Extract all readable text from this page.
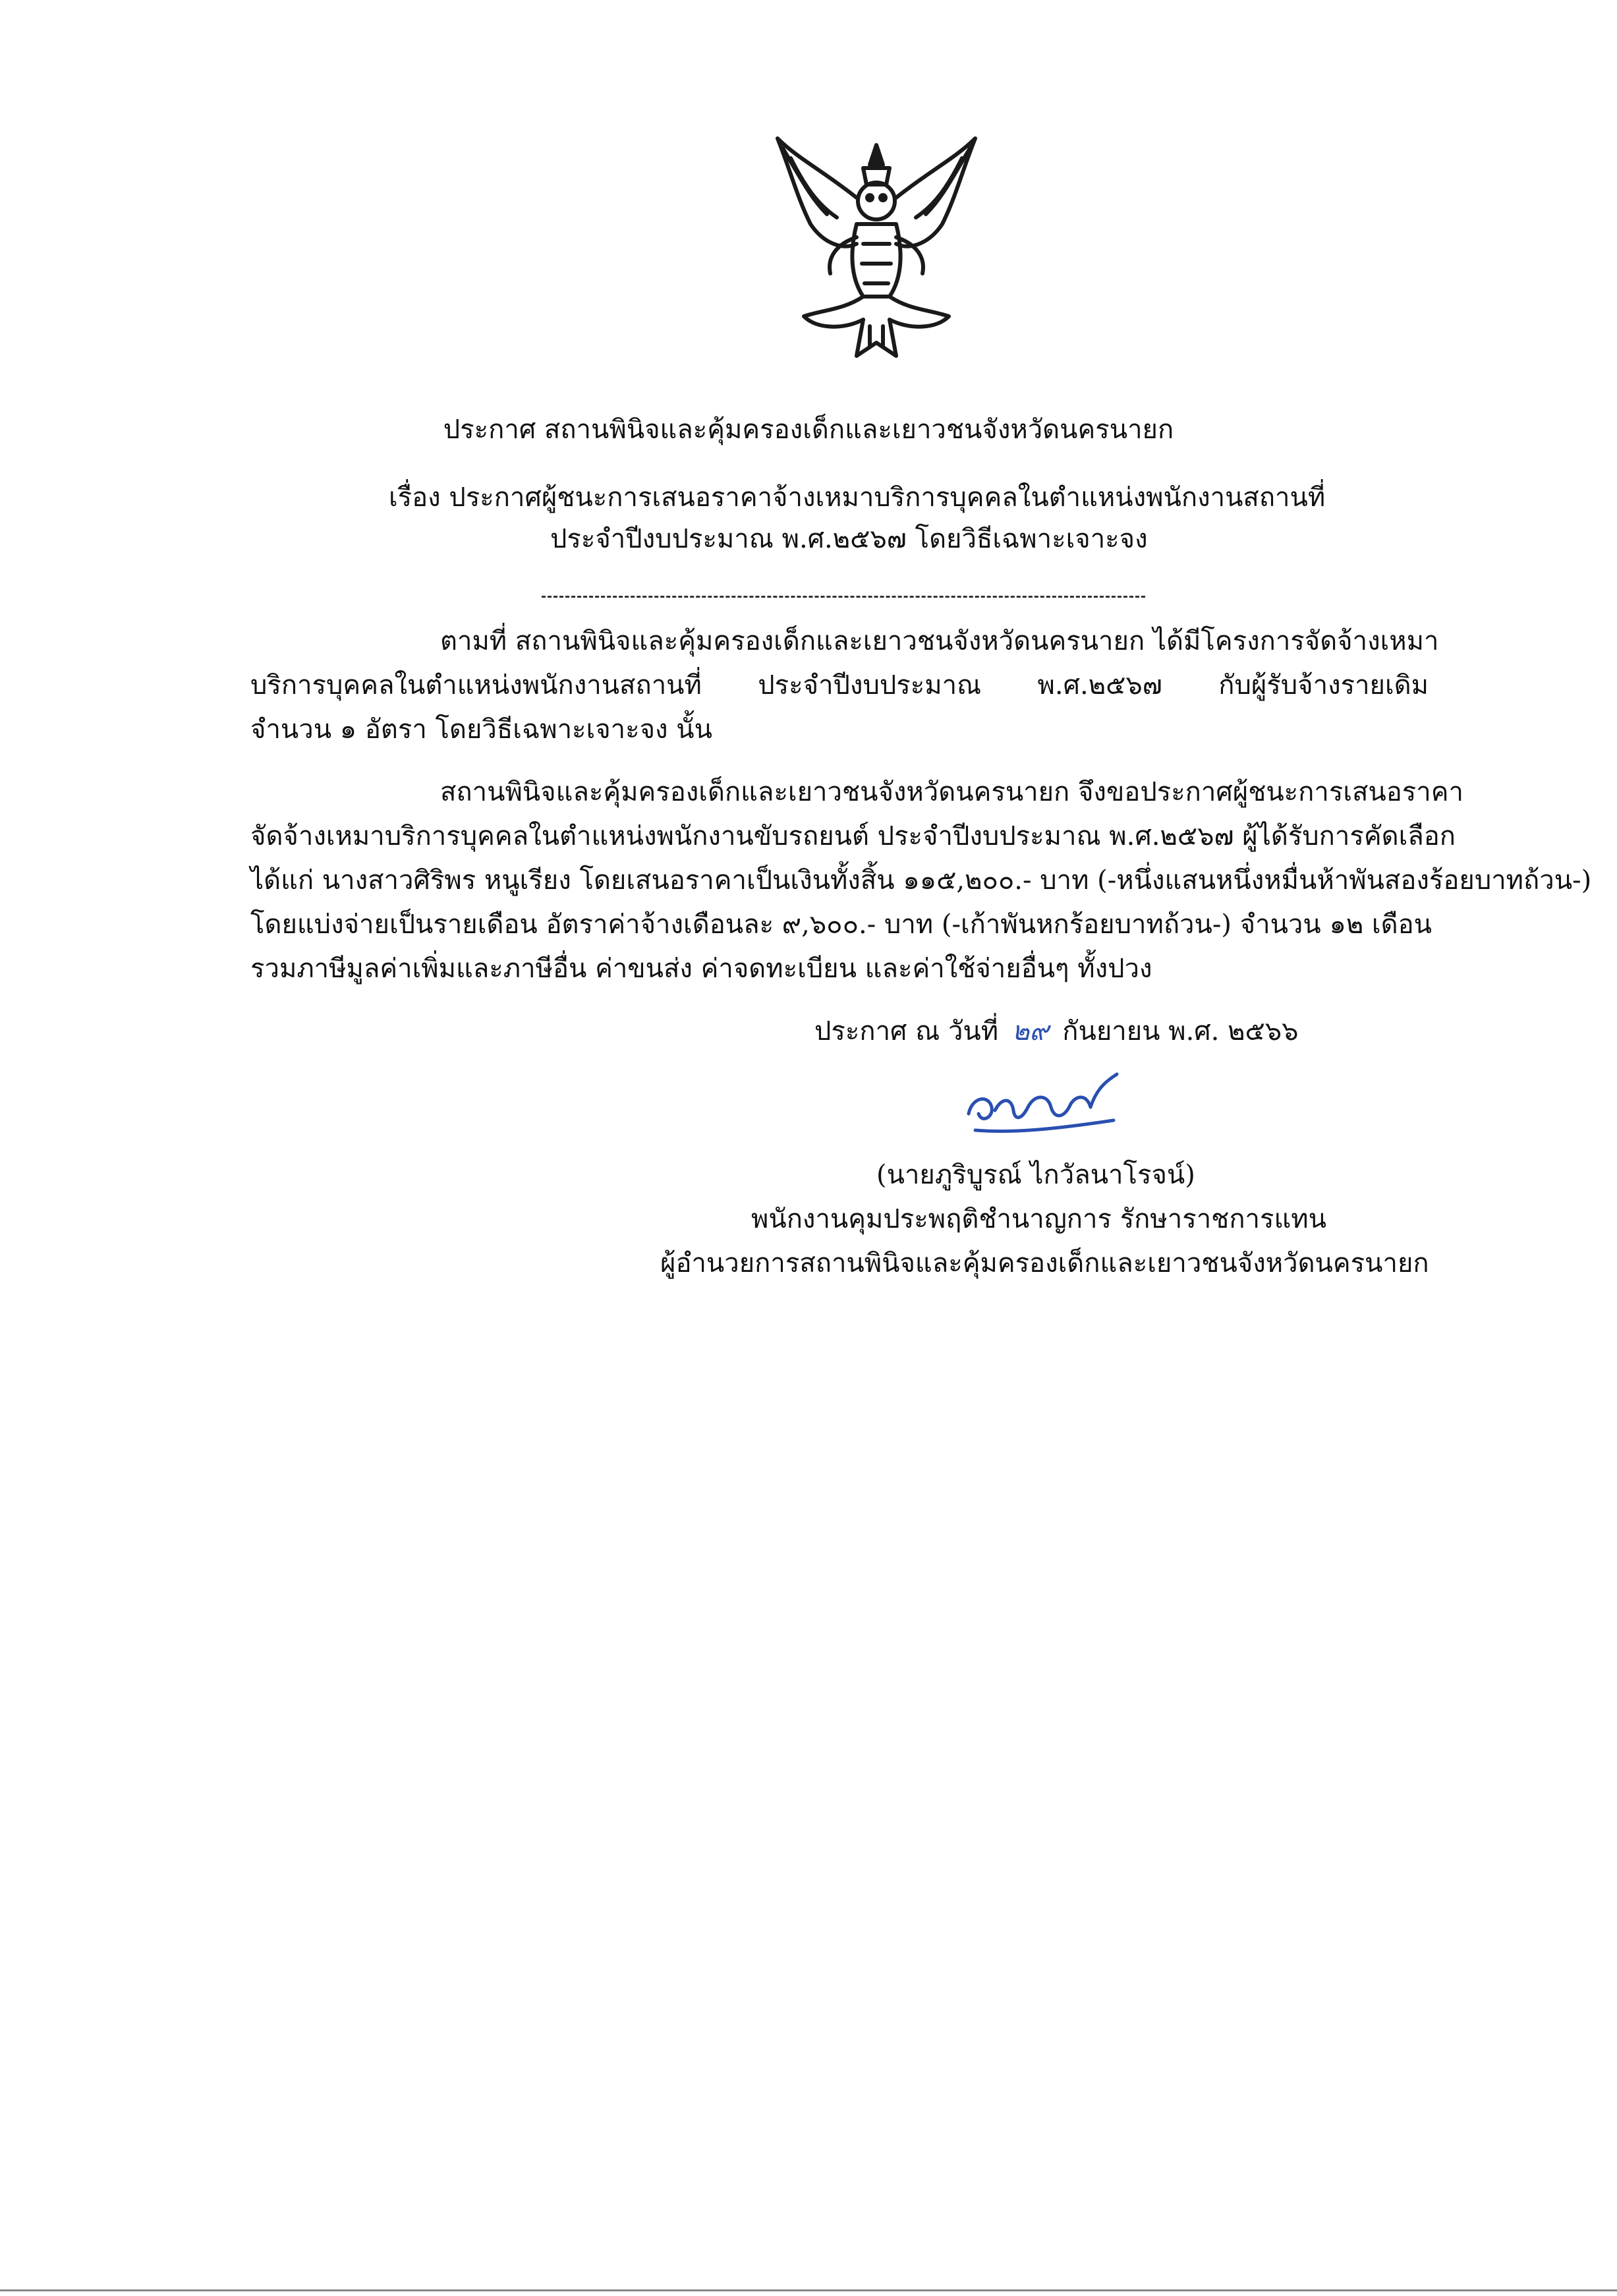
ประกาศ สถานพินิจและคุ้มครองเด็กและเยาวชนจังหวัดนครนายก
เรื่อง ประกาศผู้ชนะการเสนอราคาจ้างเหมาบริการบุคคลในตำแหน่งพนักงานสถานที่
ประจำปีงบประมาณ พ.ศ.๒๕๖๗ โดยวิธีเฉพาะเจาะจง
ตามที่ สถานพินิจและคุ้มครองเด็กและเยาวชนจังหวัดนครนายก ได้มีโครงการจัดจ้างเหมา
บริการบุคคลในตำแหน่งพนักงานสถานที่ ประจำปีงบประมาณ พ.ศ.๒๕๖๗ กับผู้รับจ้างรายเดิม
จำนวน ๑ อัตรา โดยวิธีเฉพาะเจาะจง นั้น
สถานพินิจและคุ้มครองเด็กและเยาวชนจังหวัดนครนายก จึงขอประกาศผู้ชนะการเสนอราคา
จัดจ้างเหมาบริการบุคคลในตำแหน่งพนักงานขับรถยนต์ ประจำปีงบประมาณ พ.ศ.๒๕๖๗ ผู้ได้รับการคัดเลือก
ได้แก่ นางสาวศิริพร หนูเรียง โดยเสนอราคาเป็นเงินทั้งสิ้น ๑๑๕,๒๐๐.- บาท (-หนึ่งแสนหนึ่งหมื่นห้าพันสองร้อยบาทถ้วน-)
โดยแบ่งจ่ายเป็นรายเดือน อัตราค่าจ้างเดือนละ ๙,๖๐๐.- บาท (-เก้าพันหกร้อยบาทถ้วน-) จำนวน ๑๒ เดือน
รวมภาษีมูลค่าเพิ่มและภาษีอื่น ค่าขนส่ง ค่าจดทะเบียน และค่าใช้จ่ายอื่นๆ ทั้งปวง
ประกาศ ณ วันที่ ๒๙ กันยายน พ.ศ. ๒๕๖๖
(นายภูริบูรณ์ ไกวัลนาโรจน์)
พนักงานคุมประพฤติชำนาญการ รักษาราชการแทน
ผู้อำนวยการสถานพินิจและคุ้มครองเด็กและเยาวชนจังหวัดนครนายก
